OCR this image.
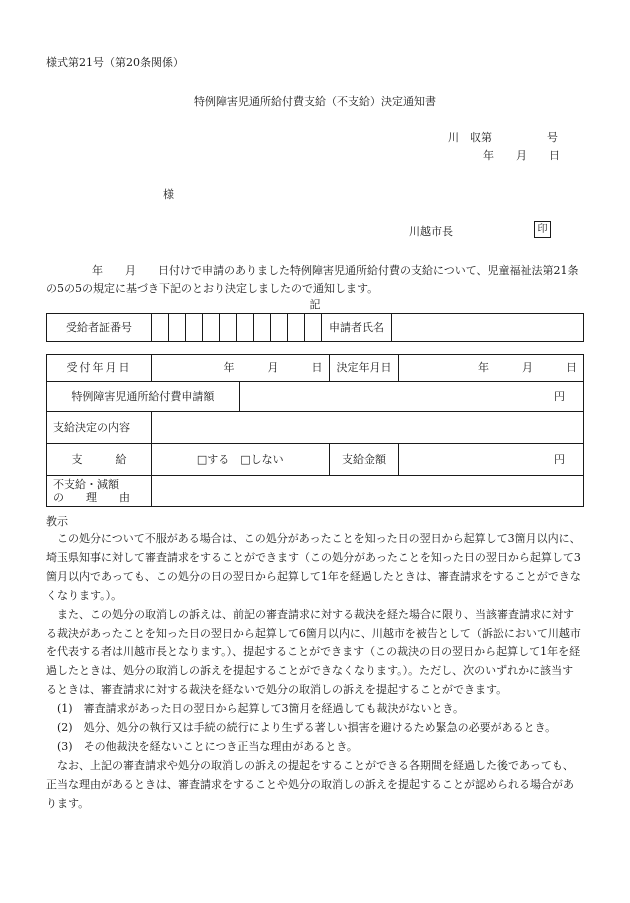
様式第21号（第20条関係）
特例障害児通所給付費支給（不支給）決定通知書
川　収第　　　　　号
年　　月　　日
様
川越市長	印
年　　月　　日付けで申請のありました特例障害児通所給付費の支給について、児童福祉法第21条の5の5の規定に基づき下記のとおり決定しましたので通知します。
記
受給者証番号											申請者氏名	
受付年月日	年　　　月　　　日		決定年月日	年　　　月　　　日
特例障害児通所給付費申請額		円		
支給決定の内容				
支　　　給	□する　□しない		支給金額	円

不支給・減額
の　　理　　由				

教示

この処分について不服がある場合は、この処分があったことを知った日の翌日から起算して3箇月以内に、埼玉県知事に対して審査請求をすることができます（この処分があったことを知った日の翌日から起算して3箇月以内であっても、この処分の日の翌日から起算して1年を経過したときは、審査請求をすることができなくなります。）。

また、この処分の取消しの訴えは、前記の審査請求に対する裁決を経た場合に限り、当該審査請求に対する裁決があったことを知った日の翌日から起算して6箇月以内に、川越市を被告として（訴訟において川越市を代表する者は川越市長となります。）、提起することができます（この裁決の日の翌日から起算して1年を経過したときは、処分の取消しの訴えを提起することができなくなります。）。ただし、次のいずれかに該当するときは、審査請求に対する裁決を経ないで処分の取消しの訴えを提起することができます。

(1)　審査請求があった日の翌日から起算して3箇月を経過しても裁決がないとき。

(2)　処分、処分の執行又は手続の続行により生ずる著しい損害を避けるため緊急の必要があるとき。

(3)　その他裁決を経ないことにつき正当な理由があるとき。

なお、上記の審査請求や処分の取消しの訴えの提起をすることができる各期間を経過した後であっても、正当な理由があるときは、審査請求をすることや処分の取消しの訴えを提起することが認められる場合があります。
